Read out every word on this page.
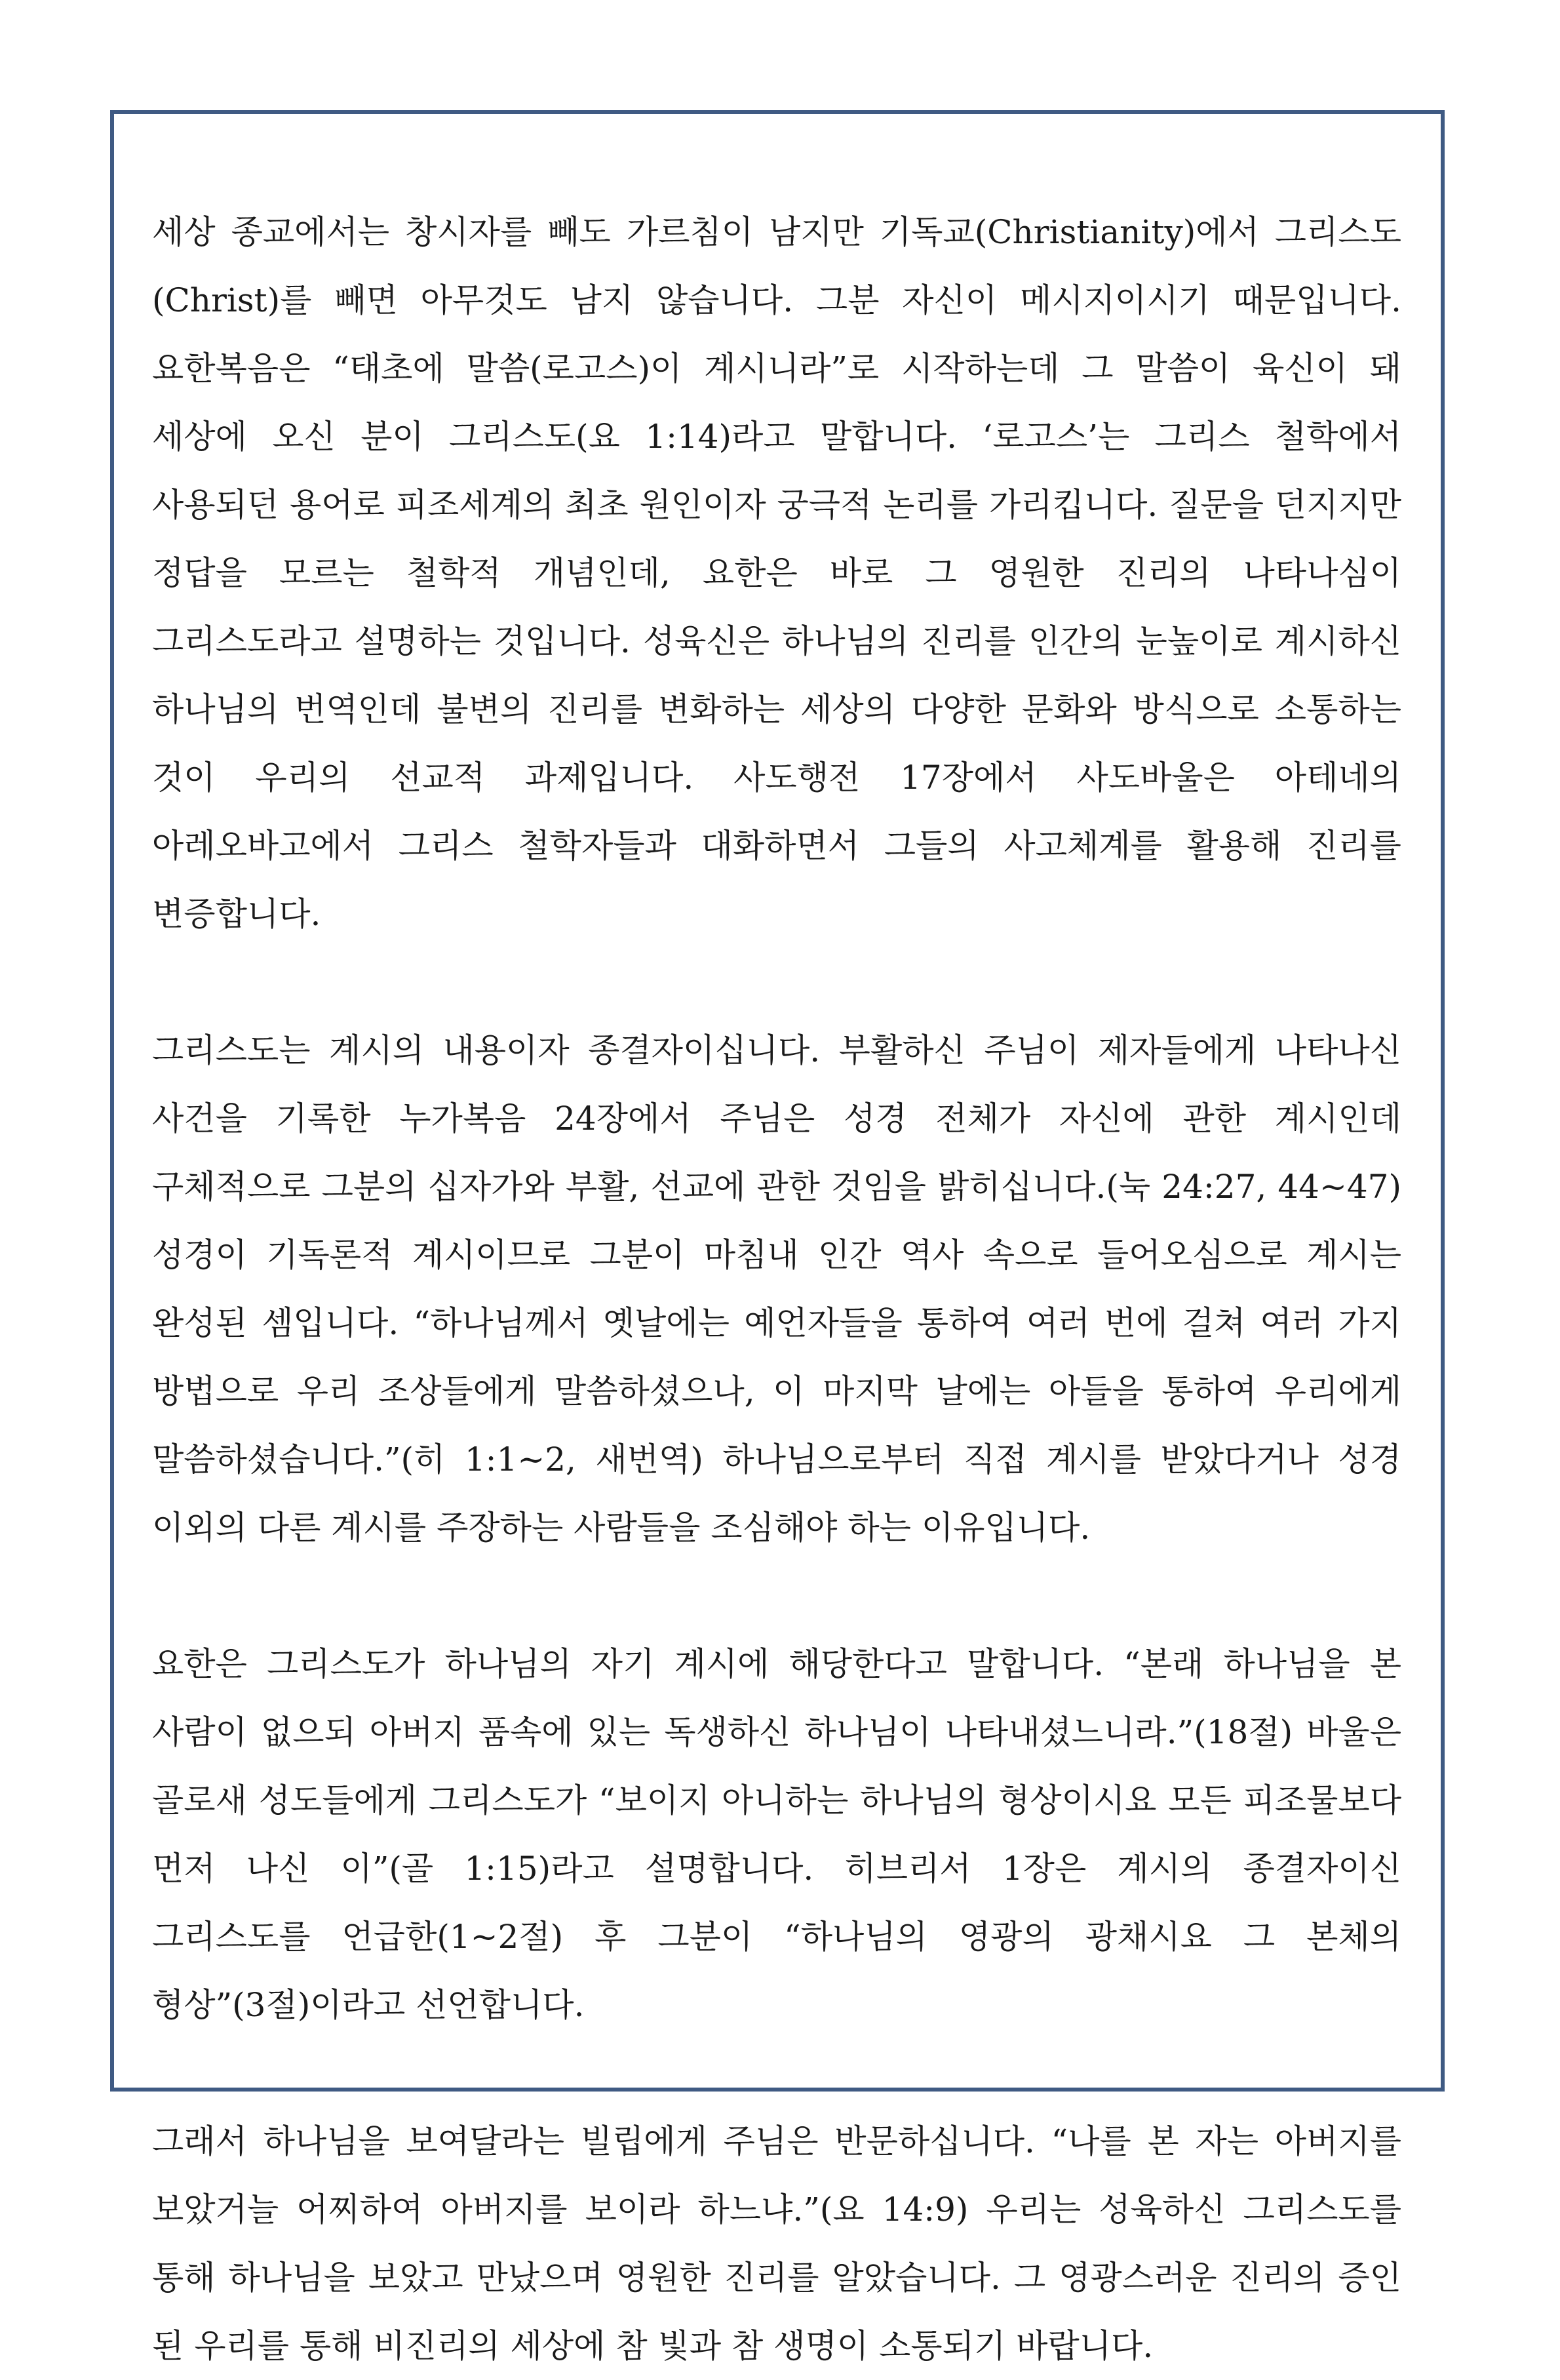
세상 종교에서는 창시자를 빼도 가르침이 남지만 기독교(Christianity)에서 그리스도(Christ)를 빼면 아무것도 남지 않습니다. 그분 자신이 메시지이시기 때문입니다. 요한복음은 “태초에 말씀(로고스)이 계시니라”로 시작하는데 그 말씀이 육신이 돼 세상에 오신 분이 그리스도(요 1:14)라고 말합니다. ‘로고스’는 그리스 철학에서 사용되던 용어로 피조세계의 최초 원인이자 궁극적 논리를 가리킵니다. 질문을 던지지만 정답을 모르는 철학적 개념인데, 요한은 바로 그 영원한 진리의 나타나심이 그리스도라고 설명하는 것입니다. 성육신은 하나님의 진리를 인간의 눈높이로 계시하신 하나님의 번역인데 불변의 진리를 변화하는 세상의 다양한 문화와 방식으로 소통하는 것이 우리의 선교적 과제입니다. 사도행전 17장에서 사도바울은 아테네의 아레오바고에서 그리스 철학자들과 대화하면서 그들의 사고체계를 활용해 진리를 변증합니다.

그리스도는 계시의 내용이자 종결자이십니다. 부활하신 주님이 제자들에게 나타나신 사건을 기록한 누가복음 24장에서 주님은 성경 전체가 자신에 관한 계시인데 구체적으로 그분의 십자가와 부활, 선교에 관한 것임을 밝히십니다.(눅 24:27, 44~47) 성경이 기독론적 계시이므로 그분이 마침내 인간 역사 속으로 들어오심으로 계시는 완성된 셈입니다. “하나님께서 옛날에는 예언자들을 통하여 여러 번에 걸쳐 여러 가지 방법으로 우리 조상들에게 말씀하셨으나, 이 마지막 날에는 아들을 통하여 우리에게 말씀하셨습니다.”(히 1:1~2, 새번역) 하나님으로부터 직접 계시를 받았다거나 성경 이외의 다른 계시를 주장하는 사람들을 조심해야 하는 이유입니다.

요한은 그리스도가 하나님의 자기 계시에 해당한다고 말합니다. “본래 하나님을 본 사람이 없으되 아버지 품속에 있는 독생하신 하나님이 나타내셨느니라.”(18절) 바울은 골로새 성도들에게 그리스도가 “보이지 아니하는 하나님의 형상이시요 모든 피조물보다 먼저 나신 이”(골 1:15)라고 설명합니다. 히브리서 1장은 계시의 종결자이신 그리스도를 언급한(1~2절) 후 그분이 “하나님의 영광의 광채시요 그 본체의 형상”(3절)이라고 선언합니다.

그래서 하나님을 보여달라는 빌립에게 주님은 반문하십니다. “나를 본 자는 아버지를 보았거늘 어찌하여 아버지를 보이라 하느냐.”(요 14:9) 우리는 성육하신 그리스도를 통해 하나님을 보았고 만났으며 영원한 진리를 알았습니다. 그 영광스러운 진리의 증인 된 우리를 통해 비진리의 세상에 참 빛과 참 생명이 소통되기 바랍니다.
